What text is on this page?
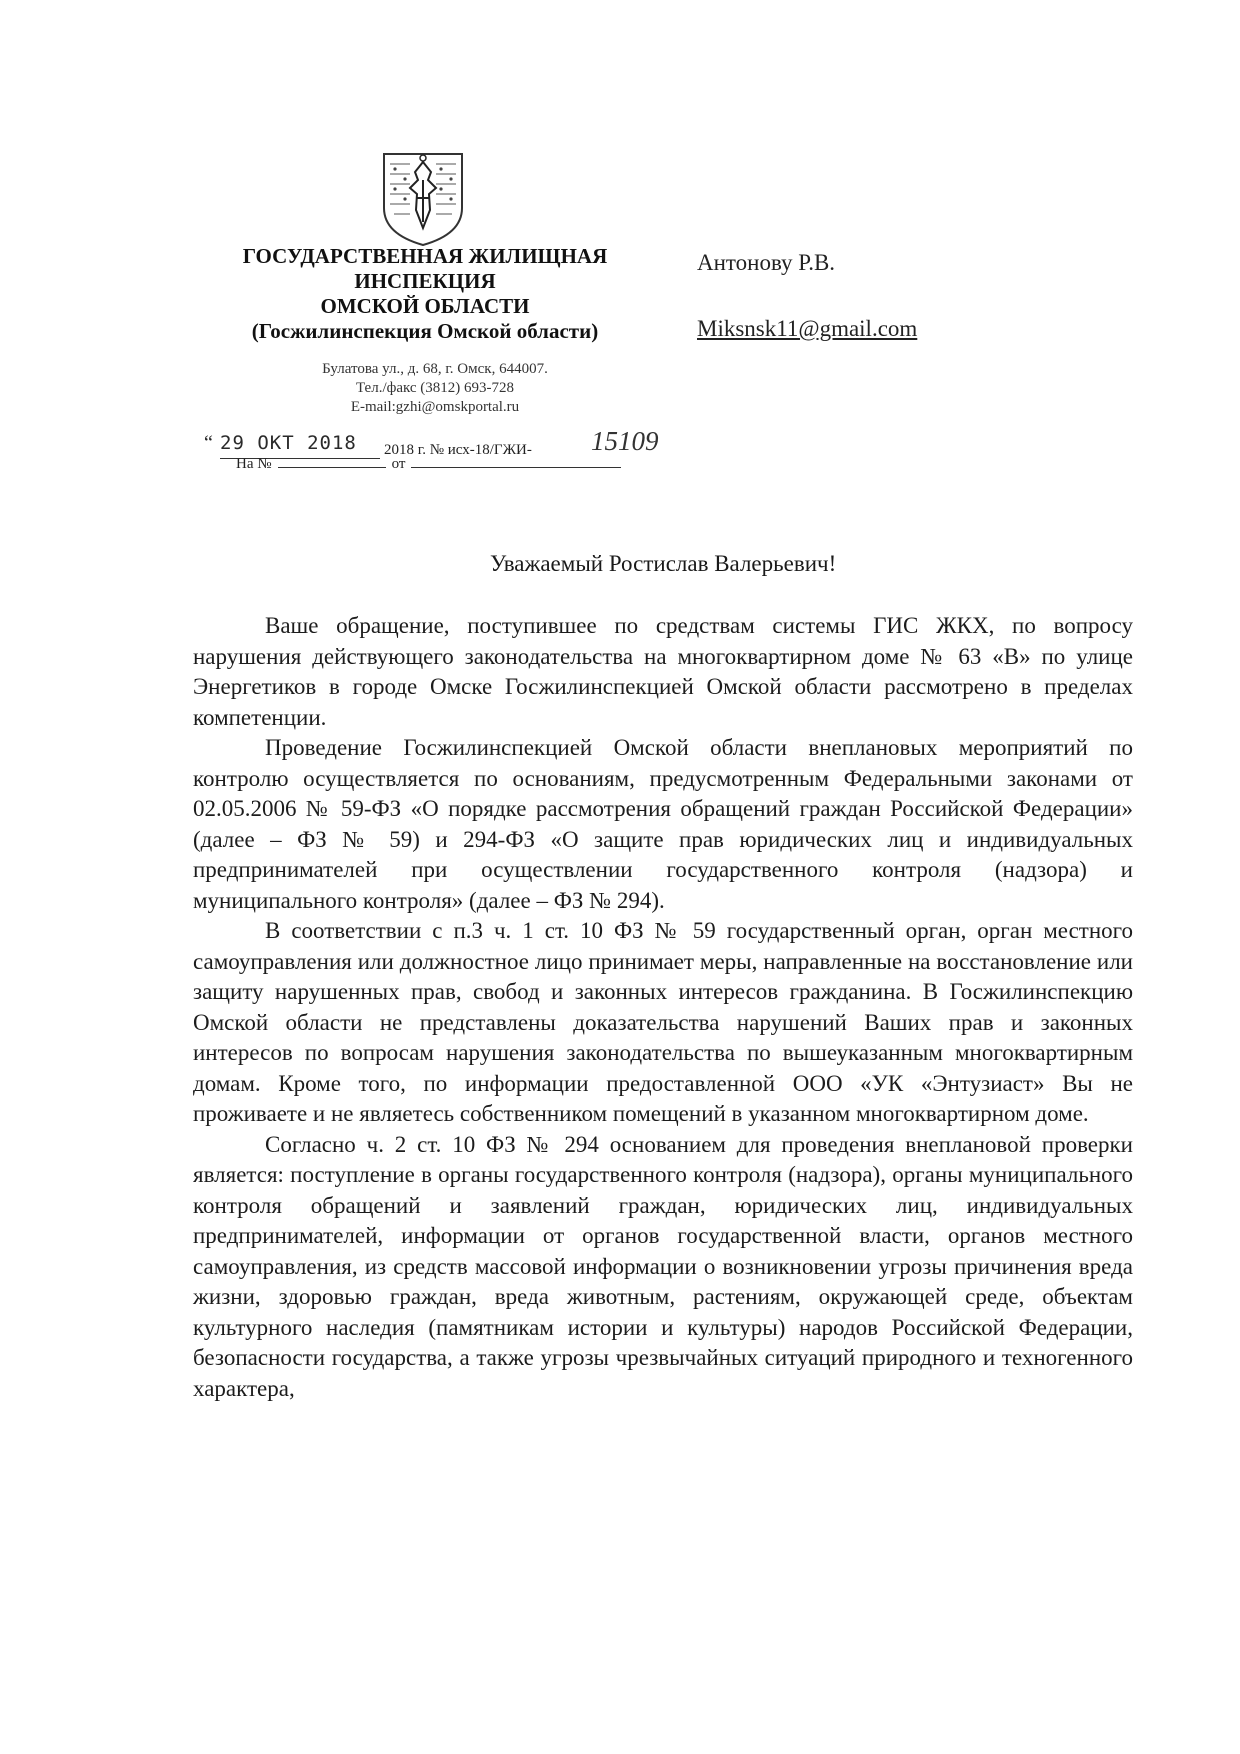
ГОСУДАРСТВЕННАЯ ЖИЛИЩНАЯ
ИНСПЕКЦИЯ
ОМСКОЙ ОБЛАСТИ
(Госжилинспекция Омской области)
Булатова ул., д. 68, г. Омск, 644007.
Тел./факс (3812) 693-728
E-mail:gzhi@omskportal.ru
“ 29 ОКТ 2018 2018 г. № исх-18/ГЖИ- 15109
На №	от
Антонову Р.В.
Miksnsk11@gmail.com
Уважаемый Ростислав Валерьевич!

Ваше обращение, поступившее по средствам системы ГИС ЖКХ, по вопросу нарушения действующего законодательства на многоквартирном доме № 63 «В» по улице Энергетиков в городе Омске Госжилинспекцией Омской области рассмотрено в пределах компетенции.

Проведение Госжилинспекцией Омской области внеплановых мероприятий по контролю осуществляется по основаниям, предусмотренным Федеральными законами от 02.05.2006 № 59-ФЗ «О порядке рассмотрения обращений граждан Российской Федерации» (далее – ФЗ № 59) и 294-ФЗ «О защите прав юридических лиц и индивидуальных предпринимателей при осуществлении государственного контроля (надзора) и муниципального контроля» (далее – ФЗ № 294).

В соответствии с п.3 ч. 1 ст. 10 ФЗ № 59 государственный орган, орган местного самоуправления или должностное лицо принимает меры, направленные на восстановление или защиту нарушенных прав, свобод и законных интересов гражданина. В Госжилинспекцию Омской области не представлены доказательства нарушений Ваших прав и законных интересов по вопросам нарушения законодательства по вышеуказанным многоквартирным домам. Кроме того, по информации предоставленной ООО «УК «Энтузиаст» Вы не проживаете и не являетесь собственником помещений в указанном многоквартирном доме.

Согласно ч. 2 ст. 10 ФЗ № 294 основанием для проведения внеплановой проверки является: поступление в органы государственного контроля (надзора), органы муниципального контроля обращений и заявлений граждан, юридических лиц, индивидуальных предпринимателей, информации от органов государственной власти, органов местного самоуправления, из средств массовой информации о возникновении угрозы причинения вреда жизни, здоровью граждан, вреда животным, растениям, окружающей среде, объектам культурного наследия (памятникам истории и культуры) народов Российской Федерации, безопасности государства, а также угрозы чрезвычайных ситуаций природного и техногенного характера,
